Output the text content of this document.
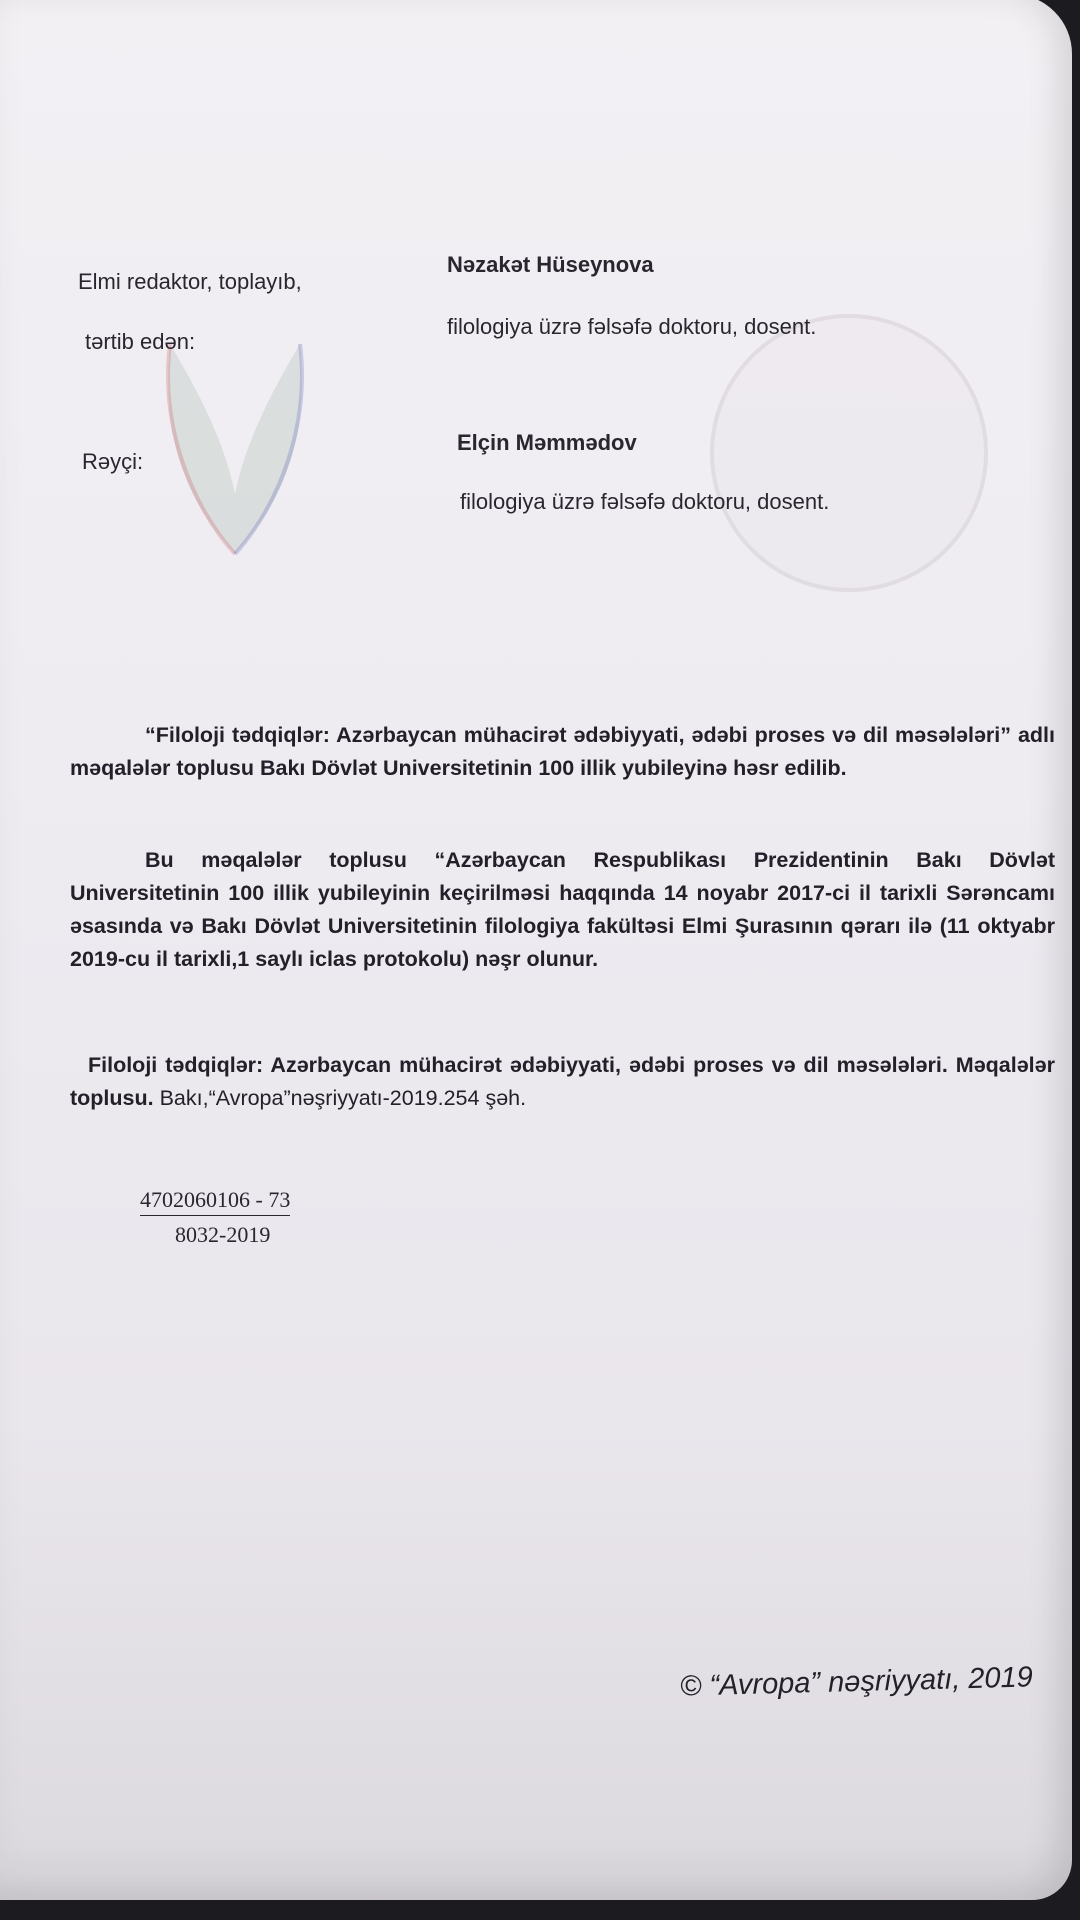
Elmi redaktor, toplayıb,
tərtib edən:
Nəzakət Hüseynova
filologiya üzrə fəlsəfə doktoru, dosent.
Rəyçi:
Elçin Məmmədov
filologiya üzrə fəlsəfə doktoru, dosent.

“Filoloji tədqiqlər: Azərbaycan mühacirət ədəbiyyati, ədəbi proses və dil məsələləri” adlı məqalələr toplusu Bakı Dövlət Universitetinin 100 illik yubileyinə həsr edilib.

Bu məqalələr toplusu “Azərbaycan Respublikası Prezidentinin Bakı Dövlət Universitetinin 100 illik yubileyinin keçirilməsi haqqında 14 noyabr 2017-ci il tarixli Sərəncamı əsasında və Bakı Dövlət Universitetinin filologiya fakültəsi Elmi Şurasının qərarı ilə (11 oktyabr 2019-cu il tarixli,1 saylı iclas protokolu) nəşr olunur.

Filoloji tədqiqlər: Azərbaycan mühacirət ədəbiyyati, ədəbi proses və dil məsələləri. Məqalələr toplusu. Bakı,“Avropa”nəşriyyatı-2019.254 şəh.

4702060106 - 73
8032-2019
© “Avropa” nəşriyyatı, 2019
